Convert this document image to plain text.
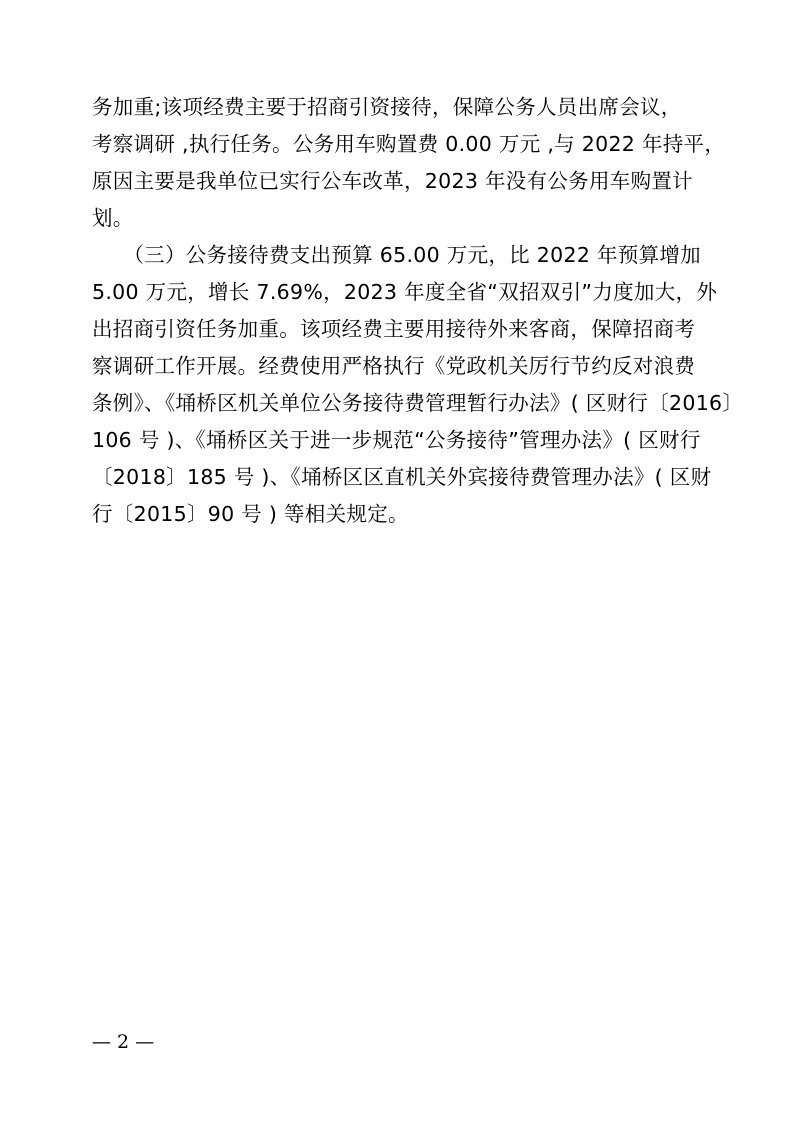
务加重;该项经费主要于招商引资接待，保障公务人员出席会议，
考察调研 ,执行任务。公务用车购置费 0.00 万元 ,与 2022 年持平，
原因主要是我单位已实行公车改革，2023 年没有公务用车购置计
划。
　　（三）公务接待费支出预算 65.00 万元，比 2022 年预算增加
5.00 万元，增长 7.69%，2023 年度全省“双招双引”力度加大，外
出招商引资任务加重。该项经费主要用接待外来客商，保障招商考
察调研工作开展。经费使用严格执行《党政机关厉行节约反对浪费
条例》、《埇桥区机关单位公务接待费管理暂行办法》( 区财行〔2016〕
106 号 )、《埇桥区关于进一步规范“公务接待”管理办法》( 区财行
〔2018〕185 号 )、《埇桥区区直机关外宾接待费管理办法》( 区财
行〔2015〕90 号 ) 等相关规定。
— 2 —
